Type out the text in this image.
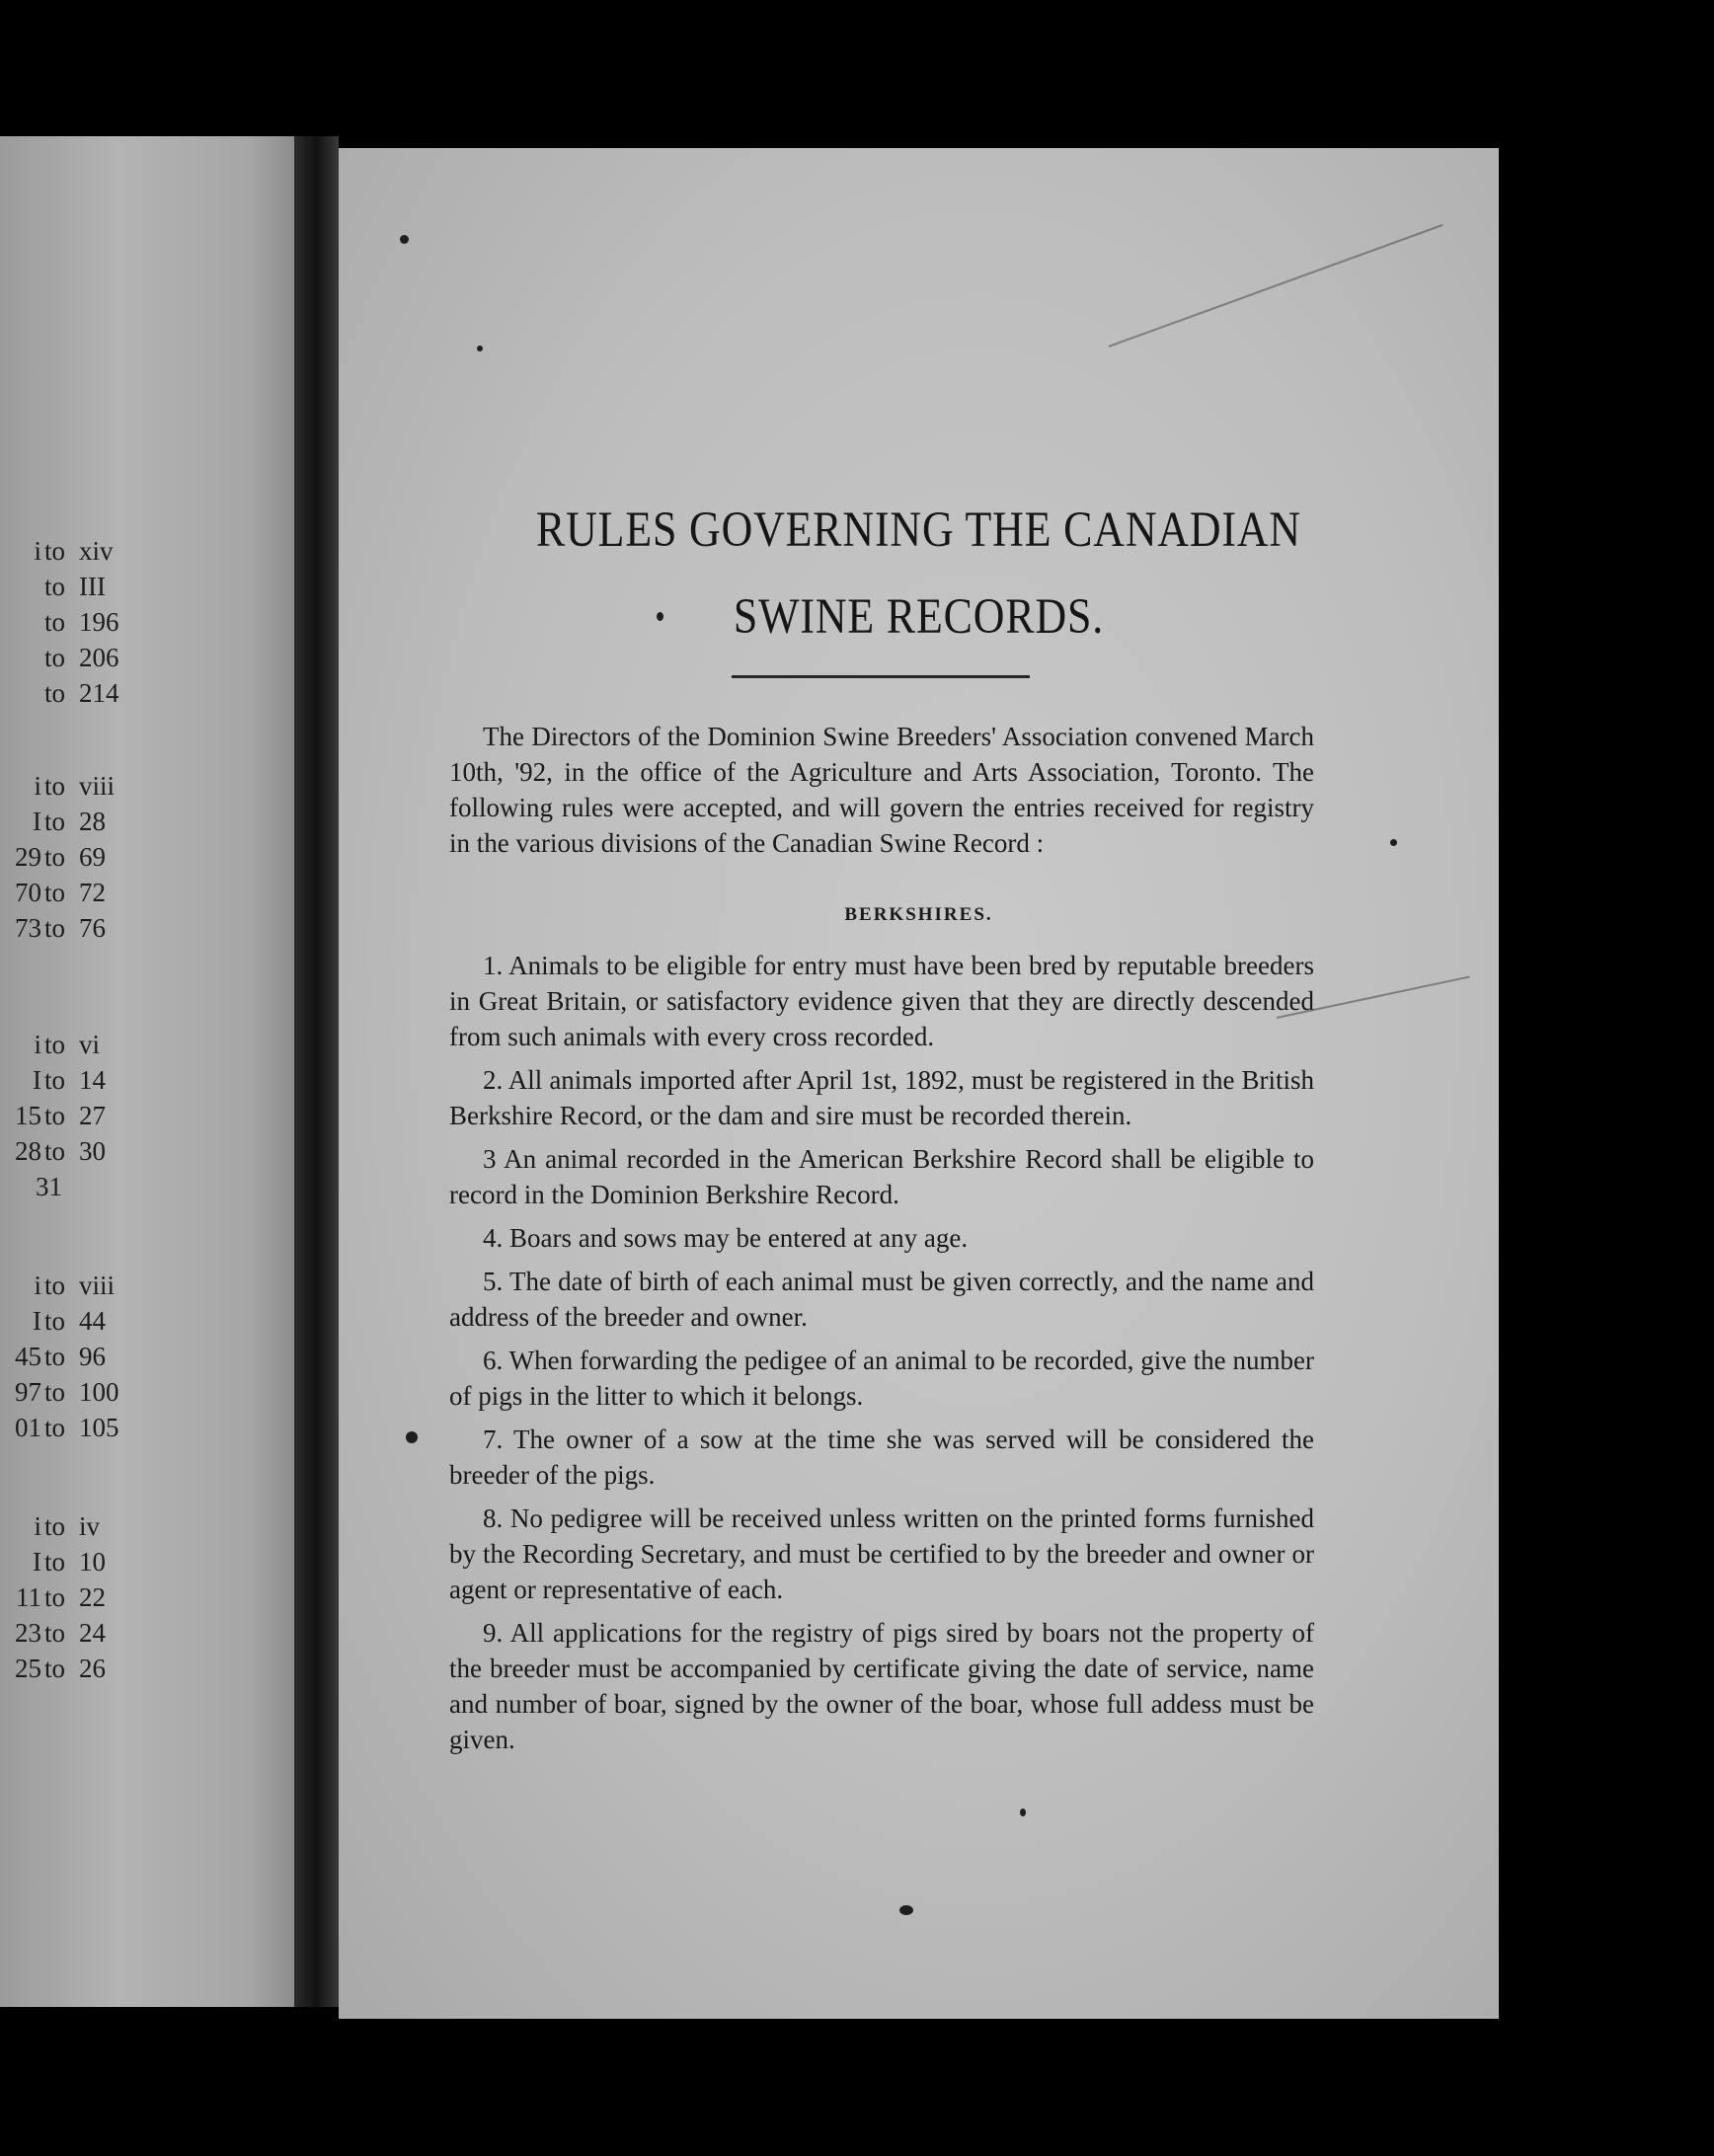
i to xiv
to III
to 196
to 206
to 214
i to viii
I to 28
29 to 69
70 to 72
73 to 76
i to vi
I to 14
15 to 27
28 to 30
31
i to viii
I to 44
45 to 96
97 to 100
01 to 105
i to iv
I to 10
11 to 22
23 to 24
25 to 26
RULES GOVERNING THE CANADIAN
SWINE RECORDS.
The Directors of the Dominion Swine Breeders' Association convened March 10th, '92, in the office of the Agriculture and Arts Association, Toronto. The following rules were accepted, and will govern the entries received for registry in the various divisions of the Canadian Swine Record :
BERKSHIRES.

1. Animals to be eligible for entry must have been bred by reputable breeders in Great Britain, or satisfactory evidence given that they are directly descended from such animals with every cross recorded.

2. All animals imported after April 1st, 1892, must be registered in the British Berkshire Record, or the dam and sire must be recorded therein.

3 An animal recorded in the American Berkshire Record shall be eligible to record in the Dominion Berkshire Record.

4. Boars and sows may be entered at any age.

5. The date of birth of each animal must be given correctly, and the name and address of the breeder and owner.

6. When forwarding the pedigee of an animal to be recorded, give the number of pigs in the litter to which it belongs.

7. The owner of a sow at the time she was served will be considered the breeder of the pigs.

8. No pedigree will be received unless written on the printed forms furnished by the Recording Secretary, and must be certified to by the breeder and owner or agent or representative of each.

9. All applications for the registry of pigs sired by boars not the property of the breeder must be accompanied by certificate giving the date of service, name and number of boar, signed by the owner of the boar, whose full addess must be given.
